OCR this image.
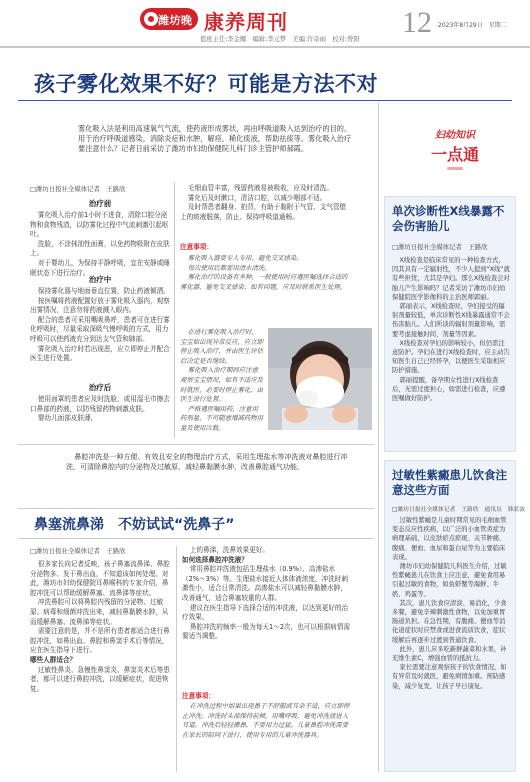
潍坊晚报
康养周刊	12 2023年8月29日　星期二
值班主任:李金娜　编辑:李元梦　美编:许奇雨　校对:曾阳
孩子雾化效果不好？可能是方法不对

雾化吸入法是利用高速氧气气流，使药液形成雾状，再由呼吸道吸入达到治疗的目的。用于治疗呼吸道感染，消除炎症和水肿，解痉，稀化痰液，帮助祛痰等。雾化吸入治疗要注意什么？记者日前采访了潍坊市妇幼保健院儿科门诊主管护师郝霞。

妇幼知识
一点通
□潍坊日报社全媒体记者　王路欣
治疗前

雾化吸入治疗前1小时不进食，清除口腔分泌物和食物残渣，以防雾化过程中气流刺激引起呕吐。

洗脸，不涂抹油性面膏，以免药物吸附在皮肤上。

对于婴幼儿，为保持平静呼吸，宜在安静或睡眠状态下进行治疗。

治疗中

保持雾化器与地面垂直位置，防止药液倾洒。

按医嘱将药液配置好放于雾化吸入器内，观察出雾情况，注意勿将药液溅入眼内。

配合的患者可采用嘴吸鼻呼，患者可在进行雾化呼吸时，尽量采取深吸气慢呼吸的方式，用力呼吸可以使药液充分到达支气管和肺部。

雾化吸入治疗时若出现恶，应立即停止并配合医生进行处置。

治疗后

使用面罩的患者应及时洗脸，或用湿毛巾擦去口鼻部的药液，以防残留药物刺激皮肤。

婴幼儿面部皮肤薄，

毛细血管丰富，残留药液易被吸收，应及时清洗。

雾化后及时漱口，清洁口腔，以减少咽部不适。

及时帮患者翻身、拍背，有助于黏附于气管、支气管壁上的痰液脱落，防止、保持呼吸道通畅。

注意事项：

雾化吸入器要专人专用，避免交叉感染。

每次使用后都要用清水清洗。

雾化治疗的设备有多种，一般使用时应遵医嘱选择合适的雾化器，避免交叉感染；如有问题，应及时联系医生处理。

在进行雾化吸入治疗时，宝宝如出现异常反应，应立即停止吸入治疗，并由医生评估后决定是否继续。

雾化吸入治疗期间应注意观察宝宝情况，如有不适应及时就医，必要时停止雾化，由医生进行处置。

严格遵医嘱用药，注意用药剂量，不可随意增减药物用量及使用次数。

鼻腔冲洗是一种方便、有效且安全的物理治疗方式，采用生理盐水等冲洗液对鼻腔进行冲洗，可清除鼻腔内的分泌物及过敏原，减轻鼻黏膜水肿、改善鼻腔通气功能。

鼻塞流鼻涕　不妨试试“洗鼻子”
□潍坊日报社全媒体记者　王路欣

很多家长向记者反映，孩子鼻塞流鼻涕、鼻腔分泌物多、发干鼻出血，不知道该如何处理。对此，潍坊市妇幼保健院耳鼻喉科的专家介绍，鼻腔冲洗可以帮助缓解鼻塞、流鼻涕等症状。

冲洗鼻腔可以将鼻腔内残留的分泌物、过敏原、病毒和细菌冲洗出来，减轻鼻黏膜水肿，从而缓解鼻塞、流鼻涕等症状。

需要注意的是，并不是所有患者都适合进行鼻腔冲洗，如鼻出血、鼻腔和鼻窦手术后等情况，应在医生指导下进行。

哪些人群适合？

过敏性鼻炎、急慢性鼻窦炎、鼻窦炎术后等患者，都可以进行鼻腔冲洗，以缓解症状，促进恢复。

上的鼻涕，洗鼻效果更好。

如何选择鼻腔冲洗液？

常用鼻腔冲洗液包括生理盐水（0.9%）、高渗盐水（2%～3%）等。生理盐水接近人体体液浓度，冲洗时刺激性小，适合日常清洗。高渗盐水可以减轻鼻黏膜水肿，改善通气，适合鼻塞较重的人群。

建议在医生指导下选择合适的冲洗液，以达到更好的治疗效果。

鼻腔冲洗的频率一般为每天1～2次，也可以根据病情需要适当调整。

注意事项：

在冲洗过程中如果出现鼻子不舒服或耳朵不适，应立即停止冲洗。冲洗时头部保持前倾，用嘴呼吸，避免冲洗液进入耳道。冲洗后轻轻擤鼻，不要用力过猛。儿童鼻腔冲洗需要在家长的陪同下进行，使用专用的儿童冲洗器具。

单次诊断性X线暴露不会伤害胎儿
□潍坊日报社全媒体记者　王路欣

X线检查是临床常见的一种检查方式，因其具有一定辐射性，不少人提到“X线”就有些担忧，尤其是孕妇。那么X线检查会对胎儿产生影响吗？记者采访了潍坊市妇幼保健院医学影像科的主治医师郭丽。

郭丽表示，X线检查时，孕妇接受的辐射剂量较低，单次诊断性X线暴露通常不会伤害胎儿。人们所谈的辐射剂量影响，需要考虑接触时间、剂量等因素。

X线检查对孕妇的影响较小，但仍需注意防护。孕妇在进行X线检查时，应主动告知医生自己已经怀孕，以便医生采取相应防护措施。

郭丽提醒，备孕期女性进行X线检查后，无需过度担心，如需进行检查，应遵医嘱做好防护。

过敏性紫癜患儿饮食注意这些方面
□潍坊日报社全媒体记者　王路欣　通讯员　韩蓝波

过敏性紫癜是儿童时期常见的毛细血管变态反应性疾病，以广泛的小血管炎症为病理基础，以皮肤瘀点瘀斑、关节肿痛、腹痛、便血、血尿和蛋白尿等为主要临床表现。

潍坊市妇幼保健院儿科医生介绍，过敏性紫癜患儿在饮食上应注意，避免食用易引起过敏的食物，如鱼虾蟹等海鲜、牛奶、鸡蛋等。

其次，患儿饮食应清淡、易消化，少食多餐，避免辛辣刺激性食物，以免加重胃肠道负担。在急性期，有腹痛、便血等消化道症状时应禁食或进食流质饮食，症状缓解后再逐步过渡到普通饮食。

此外，患儿应多吃新鲜蔬菜和水果，补充维生素C，增强血管的抵抗力。

家长需要注意观察孩子的饮食情况，如有异常及时就医，避免病情加重。预防感染，减少复发，让孩子早日康复。
